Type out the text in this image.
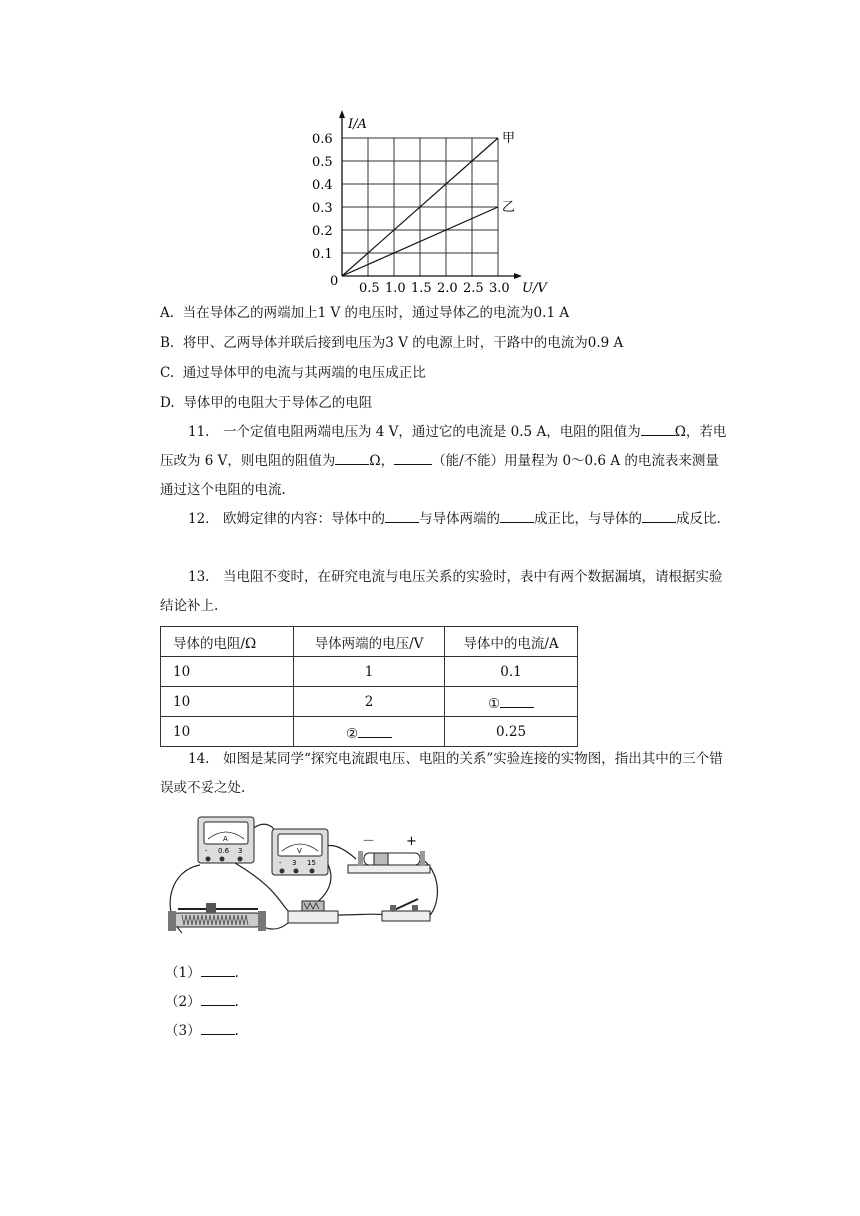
0.5 1.0 1.5 2.0 2.5 3.0
0.1
0.2
0.3
0.4
0.5
0.6	甲
乙
I/A
U/V
0
A. 当在导体乙的两端加上1 V 的电压时，通过导体乙的电流为0.1 A
B. 将甲、乙两导体并联后接到电压为3 V 的电源上时，干路中的电流为0.9 A
C. 通过导体甲的电流与其两端的电压成正比
D. 导体甲的电阻大于导体乙的电阻
11.　一个定值电阻两端电压为 4 V，通过它的电流是 0.5 A，电阻的阻值为	Ω，若电压改为 6 V，则电阻的阻值为	Ω，	（能/不能）用量程为 0～0.6 A 的电流表来测量通过这个电阻的电流.
12.　欧姆定律的内容：导体中的	与导体两端的	成正比，与导体的	成反比.
13.　当电阻不变时，在研究电流与电压关系的实验时，表中有两个数据漏填，请根据实验结论补上.
导体的电阻/Ω	导体两端的电压/V	导体中的电流/A
10	1	0.1
10	2	①
10	②	0.25
14.　如图是某同学“探究电流跟电压、电阻的关系”实验连接的实物图，指出其中的三个错误或不妥之处.
A
- 0.6 3	V
- 3 15
－ +
（1）	.
（2）	.
（3）	.
